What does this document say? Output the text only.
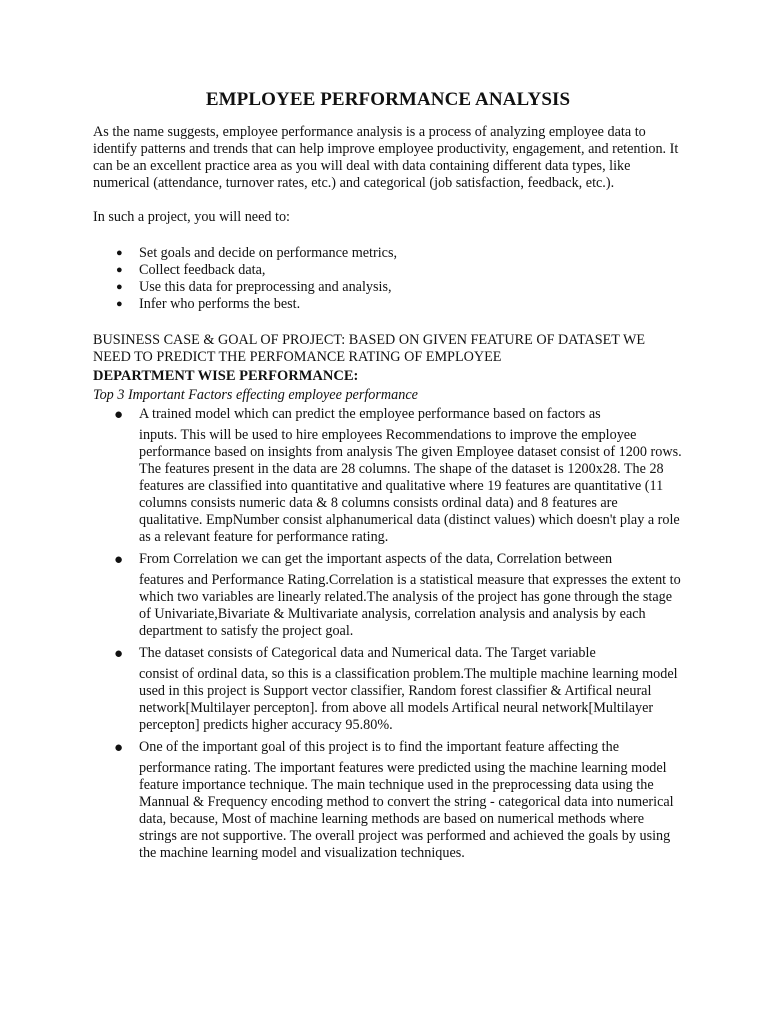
EMPLOYEE PERFORMANCE ANALYSIS

As the name suggests, employee performance analysis is a process of analyzing employee data to identify patterns and trends that can help improve employee productivity, engagement, and retention. It can be an excellent practice area as you will deal with data containing different data types, like numerical (attendance, turnover rates, etc.) and categorical (job satisfaction, feedback, etc.).

In such a project, you will need to:

● Set goals and decide on performance metrics,
● Collect feedback data,
● Use this data for preprocessing and analysis,
● Infer who performs the best.

BUSINESS CASE & GOAL OF PROJECT: BASED ON GIVEN FEATURE OF DATASET WE NEED TO PREDICT THE PERFOMANCE RATING OF EMPLOYEE

DEPARTMENT WISE PERFORMANCE:

Top 3 Important Factors effecting employee performance

● A trained model which can predict the employee performance based on factors as
inputs. This will be used to hire employees Recommendations to improve the employee performance based on insights from analysis The given Employee dataset consist of 1200 rows. The features present in the data are 28 columns. The shape of the dataset is 1200x28. The 28 features are classified into quantitative and qualitative where 19 features are quantitative (11 columns consists numeric data & 8 columns consists ordinal data) and 8 features are qualitative. EmpNumber consist alphanumerical data (distinct values) which doesn't play a role as a relevant feature for performance rating.
● From Correlation we can get the important aspects of the data, Correlation between
features and Performance Rating.Correlation is a statistical measure that expresses the extent to which two variables are linearly related.The analysis of the project has gone through the stage of Univariate,Bivariate & Multivariate analysis, correlation analysis and analysis by each department to satisfy the project goal.
● The dataset consists of Categorical data and Numerical data. The Target variable
consist of ordinal data, so this is a classification problem.The multiple machine learning model used in this project is Support vector classifier, Random forest classifier & Artifical neural network[Multilayer percepton]. from above all models Artifical neural network[Multilayer percepton] predicts higher accuracy 95.80%.
● One of the important goal of this project is to find the important feature affecting the
performance rating. The important features were predicted using the machine learning model feature importance technique. The main technique used in the preprocessing data using the Mannual & Frequency encoding method to convert the string - categorical data into numerical data, because, Most of machine learning methods are based on numerical methods where strings are not supportive. The overall project was performed and achieved the goals by using the machine learning model and visualization techniques.
